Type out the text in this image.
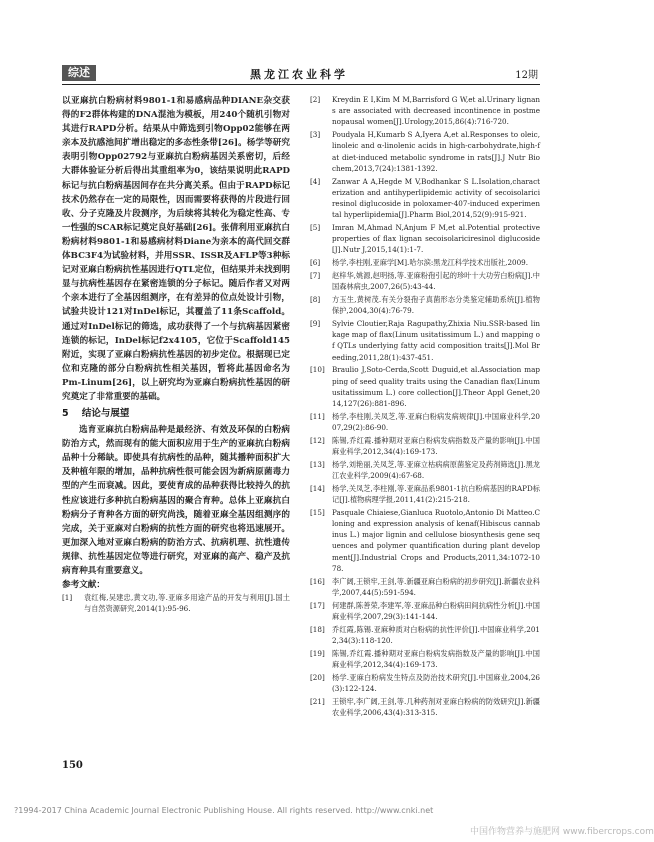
综述	黑龙江农业科学	12期

以亚麻抗白粉病材料9801-1和易感病品种DIANE杂交获得的F2群体构建的DNA混池为模板，用240个随机引物对其进行RAPD分析。结果从中筛选到引物Opp02能够在两亲本及抗感池间扩增出稳定的多态性条带[26]。杨学等研究表明引物Opp02792与亚麻抗白粉病基因关系密切，后经大群体验证分析后得出其重组率为0，该结果说明此RAPD标记与抗白粉病基因间存在共分离关系。但由于RAPD标记技术仍然存在一定的局限性，因而需要将获得的片段进行回收、分子克隆及片段测序，为后续将其转化为稳定性高、专一性强的SCAR标记奠定良好基础[26]。张倩利用亚麻抗白粉病材料9801-1和易感病材料Diane为亲本的高代回交群体BC3F4为试验材料，并用SSR、ISSR及AFLP等3种标记对亚麻白粉病抗性基因进行QTL定位，但结果并未找到明显与抗病性基因存在紧密连锁的分子标记。随后作者又对两个亲本进行了全基因组测序，在有差异的位点处设计引物，试验共设计121对InDel标记，其覆盖了11条Scaffold。通过对InDel标记的筛选，成功获得了一个与抗病基因紧密连锁的标记，InDel标记f2x4105，它位于Scaffold145附近，实现了亚麻白粉病抗性基因的初步定位。根据现已定位和克隆的部分白粉病抗性相关基因，暂将此基因命名为Pm-Linum[26]，以上研究均为亚麻白粉病抗性基因的研究奠定了非常重要的基础。

5 结论与展望

选育亚麻抗白粉病品种是最经济、有效及环保的白粉病防治方式，然而现有的能大面积应用于生产的亚麻抗白粉病品种十分稀缺。即使具有抗病性的品种，随其播种面积扩大及种植年限的增加，品种抗病性很可能会因为新病原菌毒力型的产生而衰减。因此，要使育成的品种获得比较持久的抗性应该进行多种抗白粉病基因的聚合育种。总体上亚麻抗白粉病分子育种各方面的研究尚浅，随着亚麻全基因组测序的完成，关于亚麻对白粉病的抗性方面的研究也将迅速展开。更加深入地对亚麻白粉病的防治方式、抗病机理、抗性遗传规律、抗性基因定位等进行研究，对亚麻的高产、稳产及抗病育种具有重要意义。

参考文献：

[1]	袁红梅,吴建忠,黄文功,等.亚麻多用途产品的开发与利用[J].国土与自然资源研究,2014(1):95-96.
[2]	Kreydin E I,Kim M M,Barrisford G W,et al.Urinary lignans are associated with decreased incontinence in postmenopausal women[J].Urology,2015,86(4):716-720.
[3]	Poudyala H,Kumarb S A,Iyera A,et al.Responses to oleic,linoleic and α-linolenic acids in high-carbohydrate,high-fat diet-induced metabolic syndrome in rats[J].J Nutr Biochem,2013,7(24):1381-1392.
[4]	Zanwar A A,Hegde M V,Bodhankar S L.Isolation,characterization and antihyperlipidemic activity of secoisolariciresinol diglucoside in poloxamer-407-induced experimental hyperlipidemia[J].Pharm Biol,2014,52(9):915-921.
[5]	Imran M,Ahmad N,Anjum F M,et al.Potential protective properties of flax lignan secoisolariciresinol diglucoside[J].Nutr J,2015,14(1):1-7.
[6]	杨学,李柱刚,亚麻学[M].哈尔滨:黑龙江科学技术出版社,2009.
[7]	赵梓华,姚源,赵明扬,等.亚麻粉孢引起的珍叶十大功劳白粉病[J].中国森林病虫,2007,26(5):43-44.
[8]	方玉生,黄树茂.有关分裂孢子真菌形态分类鉴定辅助系统[J].植物保护,2004,30(4):76-79.
[9]	Sylvie Cloutier,Raja Ragupathy,Zhixia Niu.SSR-based linkage map of flax(Linum usitatissimum L.) and mapping of QTLs underlying fatty acid composition traits[J].Mol Breeding,2011,28(1):437-451.
[10]	Braulio J,Soto-Cerda,Scott Duguid,et al.Association mapping of seed quality traits using the Canadian flax(Linum usitatissimum L.) core collection[J].Theor Appl Genet,2014,127(26):881-896.
[11]	杨学,李柱刚,关凤芝,等.亚麻白粉病发病规律[J].中国麻业科学,2007,29(2):86-90.
[12]	陈锡,乔红霞.播种期对亚麻白粉病发病指数及产量的影响[J].中国麻业科学,2012,34(4):169-173.
[13]	杨学,刘艳丽,关凤芝,等.亚麻立枯病病原菌鉴定及药剂筛选[J].黑龙江农业科学,2009(4):67-68.
[14]	杨学,关凤芝,李柱刚,等.亚麻品系9801-1抗白粉病基因的RAPD标记[J].植物病理学报,2011,41(2):215-218.
[15]	Pasquale Chiaiese,Gianluca Ruotolo,Antonio Di Matteo.Cloning and expression analysis of kenaf(Hibiscus cannabinus L.) major lignin and cellulose biosynthesis gene sequences and polymer quantification during plant development[J].Industrial Crops and Products,2011,34:1072-1078.
[16]	李广阔,王锁牢,王剑,等.新疆亚麻白粉病的初步研究[J].新疆农业科学,2007,44(5):591-594.
[17]	何建群,陈善荣,李建军,等.亚麻品种白粉病田间抗病性分析[J].中国麻业科学,2007,29(3):141-144.
[18]	乔红霞,陈锡.亚麻种质对白粉病的抗性评价[J].中国麻业科学,2012,34(3):118-120.
[19]	陈锡,乔红霞.播种期对亚麻白粉病发病指数及产量的影响[J].中国麻业科学,2012,34(4):169-173.
[20]	杨学.亚麻白粉病发生特点及防治技术研究[J].中国麻业,2004,26(3):122-124.
[21]	王锁牢,李广阔,王剑,等.几种药剂对亚麻白粉病的防效研究[J].新疆农业科学,2006,43(4):313-315.
150
?1994-2017 China Academic Journal Electronic Publishing House. All rights reserved. http://www.cnki.net
中国作物营养与施肥网 www.fibercrops.com
